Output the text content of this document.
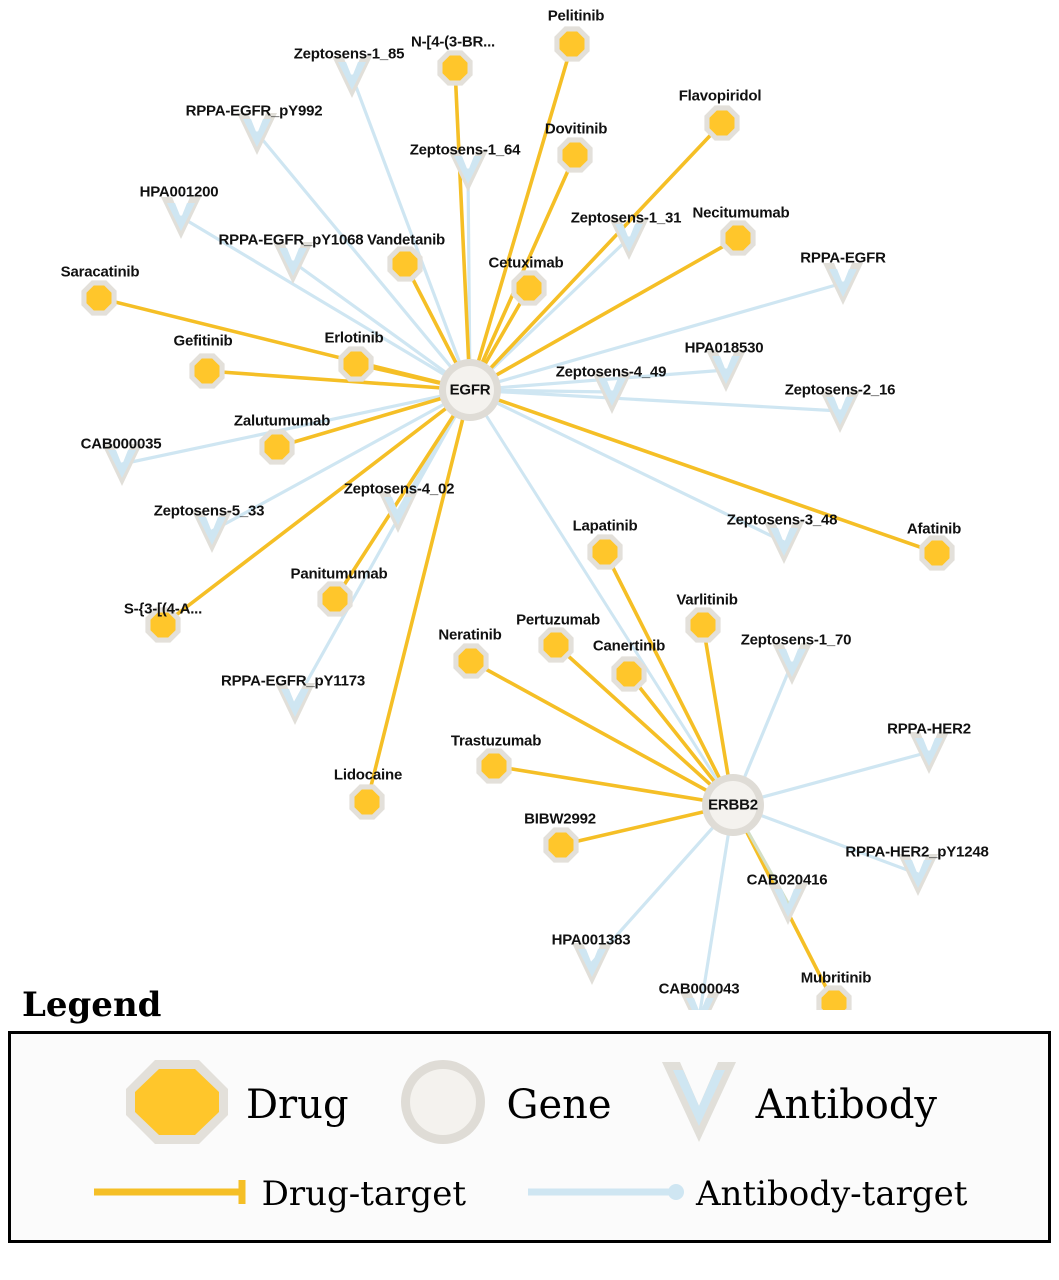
Pelitinib
N-[4-(3-BR...
Flavopiridol
Dovitinib
Necitumumab
Vandetanib
Cetuximab
Saracatinib
Erlotinib
Gefitinib
Zalutumumab
Afatinib
Lapatinib
Varlitinib
Panitumumab
S-{3-[(4-A...
Pertuzumab
Canertinib
Neratinib
Trastuzumab
Lidocaine
BIBW2992
Mubritinib
Zeptosens-1_85
RPPA-EGFR_pY992
Zeptosens-1_64
HPA001200
Zeptosens-1_31
RPPA-EGFR_pY1068
RPPA-EGFR
HPA018530
Zeptosens-4_49
Zeptosens-2_16
CAB000035
Zeptosens-4_02
Zeptosens-5_33
Zeptosens-3_48
Zeptosens-1_70
RPPA-EGFR_pY1173
RPPA-HER2
RPPA-HER2_pY1248
CAB020416
HPA001383
CAB000043
EGFR
ERBB2
Legend
Drug	Gene	Antibody
Drug-target	Antibody-target
